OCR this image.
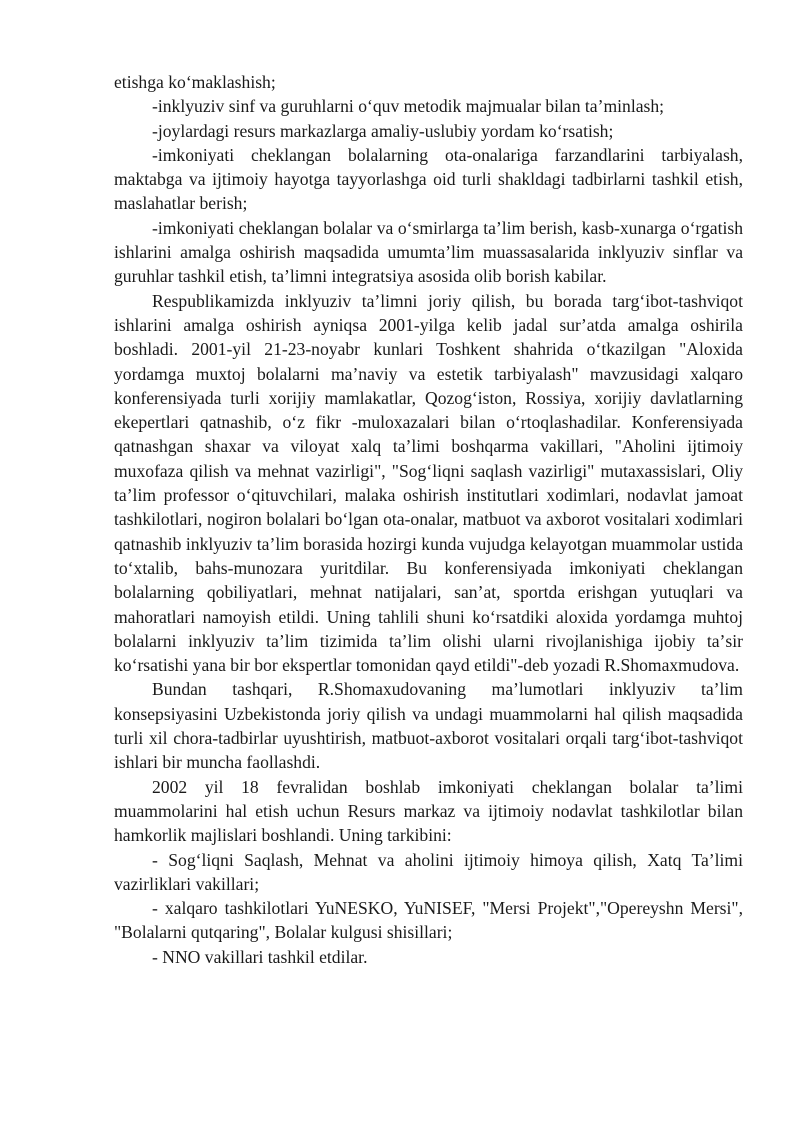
etishga koʻmaklashish;

-inklyuziv sinf va guruhlarni oʻquv metodik majmualar bilan taʼminlash;

-joylardagi resurs markazlarga amaliy-uslubiy yordam koʻrsatish;

-imkoniyati cheklangan bolalarning ota-onalariga farzandlarini tarbiyalash, maktabga va ijtimoiy hayotga tayyorlashga oid turli shakldagi tadbirlarni tashkil etish, maslahatlar berish;

-imkoniyati cheklangan bolalar va oʻsmirlarga taʼlim berish, kasb-xunarga oʻrgatish ishlarini amalga oshirish maqsadida umumtaʼlim muassasalarida inklyuziv sinflar va guruhlar tashkil etish, taʼlimni integratsiya asosida olib borish kabilar.

Respublikamizda inklyuziv taʼlimni joriy qilish, bu borada targʻibot-tashviqot ishlarini amalga oshirish ayniqsa 2001-yilga kelib jadal surʼatda amalga oshirila boshladi. 2001-yil 21-23-noyabr kunlari Toshkent shahrida oʻtkazilgan "Aloxida yordamga muxtoj bolalarni maʼnaviy va estetik tarbiyalash" mavzusidagi xalqaro konferensiyada turli xorijiy mamlakatlar, Qozogʻiston, Rossiya, xorijiy davlatlarning ekepertlari qatnashib, oʻz fikr -muloxazalari bilan oʻrtoqlashadilar. Konferensiyada qatnashgan shaxar va viloyat xalq taʼlimi boshqarma vakillari, "Aholini ijtimoiy muxofaza qilish va mehnat vazirligi", "Sogʻliqni saqlash vazirligi" mutaxassislari, Oliy taʼlim professor oʻqituvchilari, malaka oshirish institutlari xodimlari, nodavlat jamoat tashkilotlari, nogiron bolalari boʻlgan ota-onalar, matbuot va axborot vositalari xodimlari qatnashib inklyuziv taʼlim borasida hozirgi kunda vujudga kelayotgan muammolar ustida toʻxtalib, bahs-munozara yuritdilar. Bu konferensiyada imkoniyati cheklangan bolalarning qobiliyatlari, mehnat natijalari, sanʼat, sportda erishgan yutuqlari va mahoratlari namoyish etildi. Uning tahlili shuni koʻrsatdiki aloxida yordamga muhtoj bolalarni inklyuziv taʼlim tizimida taʼlim olishi ularni rivojlanishiga ijobiy taʼsir koʻrsatishi yana bir bor ekspertlar tomonidan qayd etildi"-deb yozadi R.Shomaxmudova.

Bundan tashqari, R.Shomaxudovaning maʼlumotlari inklyuziv taʼlim konsepsiyasini Uzbekistonda joriy qilish va undagi muammolarni hal qilish maqsadida turli xil chora-tadbirlar uyushtirish, matbuot-axborot vositalari orqali targʻibot-tashviqot ishlari bir muncha faollashdi.

2002 yil 18 fevralidan boshlab imkoniyati cheklangan bolalar taʼlimi muammolarini hal etish uchun Resurs markaz va ijtimoiy nodavlat tashkilotlar bilan hamkorlik majlislari boshlandi. Uning tarkibini:

- Sogʻliqni Saqlash, Mehnat va aholini ijtimoiy himoya qilish, Xatq Taʼlimi vazirliklari vakillari;

- xalqaro tashkilotlari YuNESKO, YuNISEF, "Mersi Projekt","Opereyshn Mersi", "Bolalarni qutqaring", Bolalar kulgusi shisillari;

- NNO vakillari tashkil etdilar.
